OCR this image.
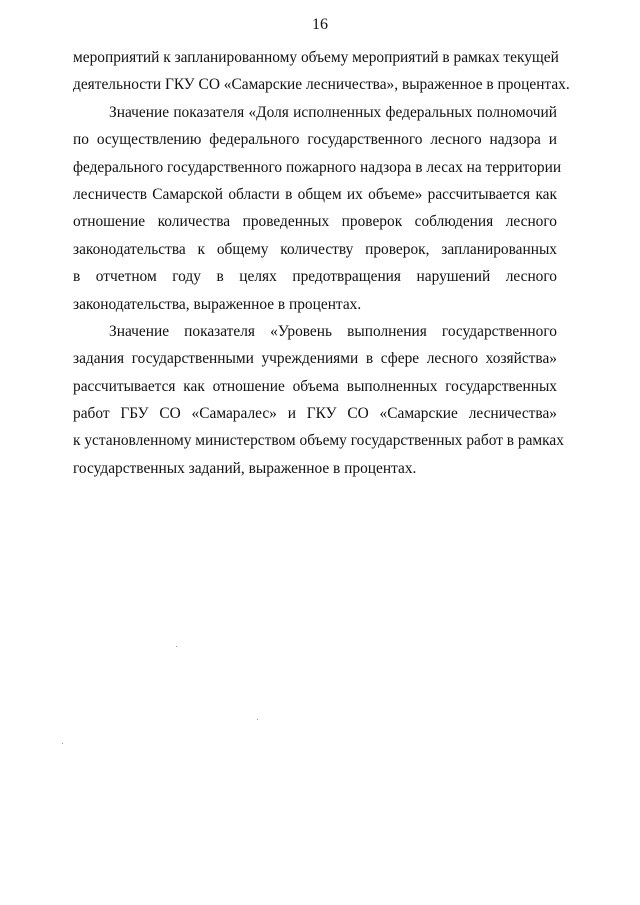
16
мероприятий к запланированному объему мероприятий в рамках текущей
деятельности ГКУ СО «Самарские лесничества», выраженное в процентах.
Значение показателя «Доля исполненных федеральных полномочий
по осуществлению федерального государственного лесного надзора и
федерального государственного пожарного надзора в лесах на территории
лесничеств Самарской области в общем их объеме» рассчитывается как
отношение количества проведенных проверок соблюдения лесного
законодательства к общему количеству проверок, запланированных
в отчетном году в целях предотвращения нарушений лесного
законодательства, выраженное в процентах.
Значение показателя «Уровень выполнения государственного
задания государственными учреждениями в сфере лесного хозяйства»
рассчитывается как отношение объема выполненных государственных
работ ГБУ СО «Самаралес» и ГКУ СО «Самарские лесничества»
к установленному министерством объему государственных работ в рамках
государственных заданий, выраженное в процентах.
